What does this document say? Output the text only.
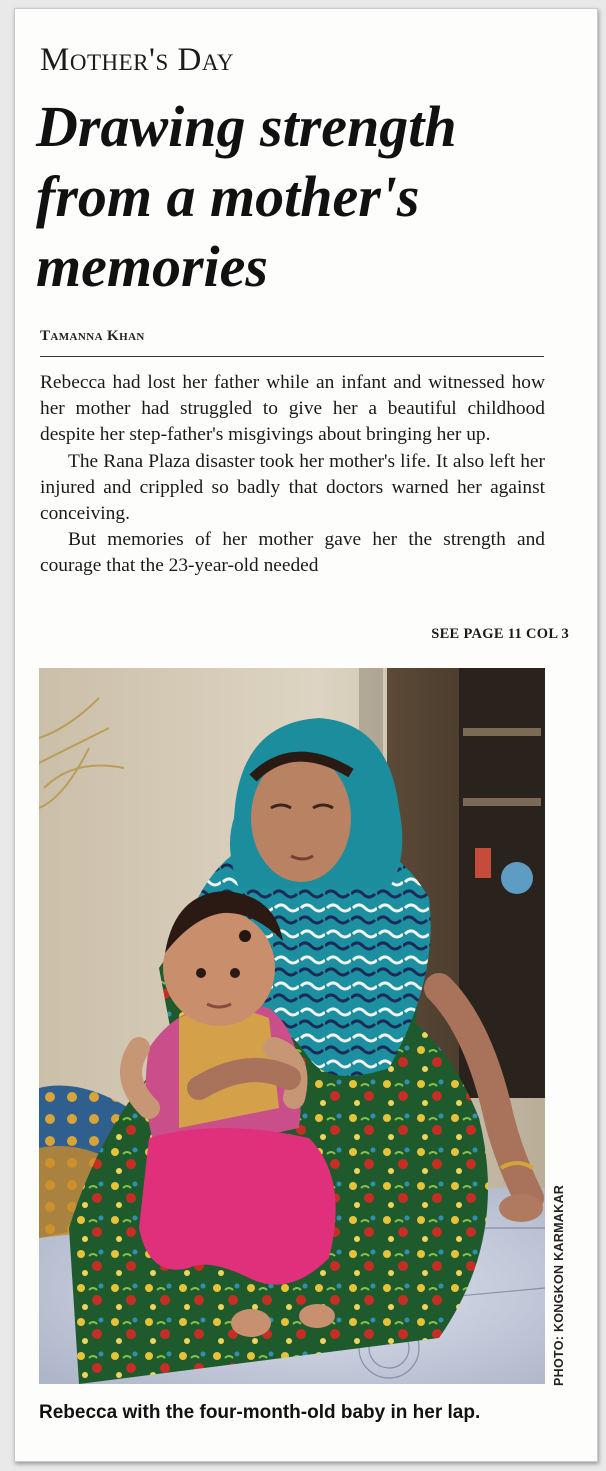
Mother's Day
Drawing strength from a mother's memories
Tamanna Khan

Rebecca had lost her father while an infant and witnessed how her mother had struggled to give her a beautiful childhood despite her step-father's misgivings about bringing her up.

The Rana Plaza disaster took her mother's life. It also left her injured and crippled so badly that doctors warned her against conceiving.

But memories of her mother gave her the strength and courage that the 23-year-old needed

SEE PAGE 11 COL 3
PHOTO: KONGKON KARMAKAR
Rebecca with the four-month-old baby in her lap.
